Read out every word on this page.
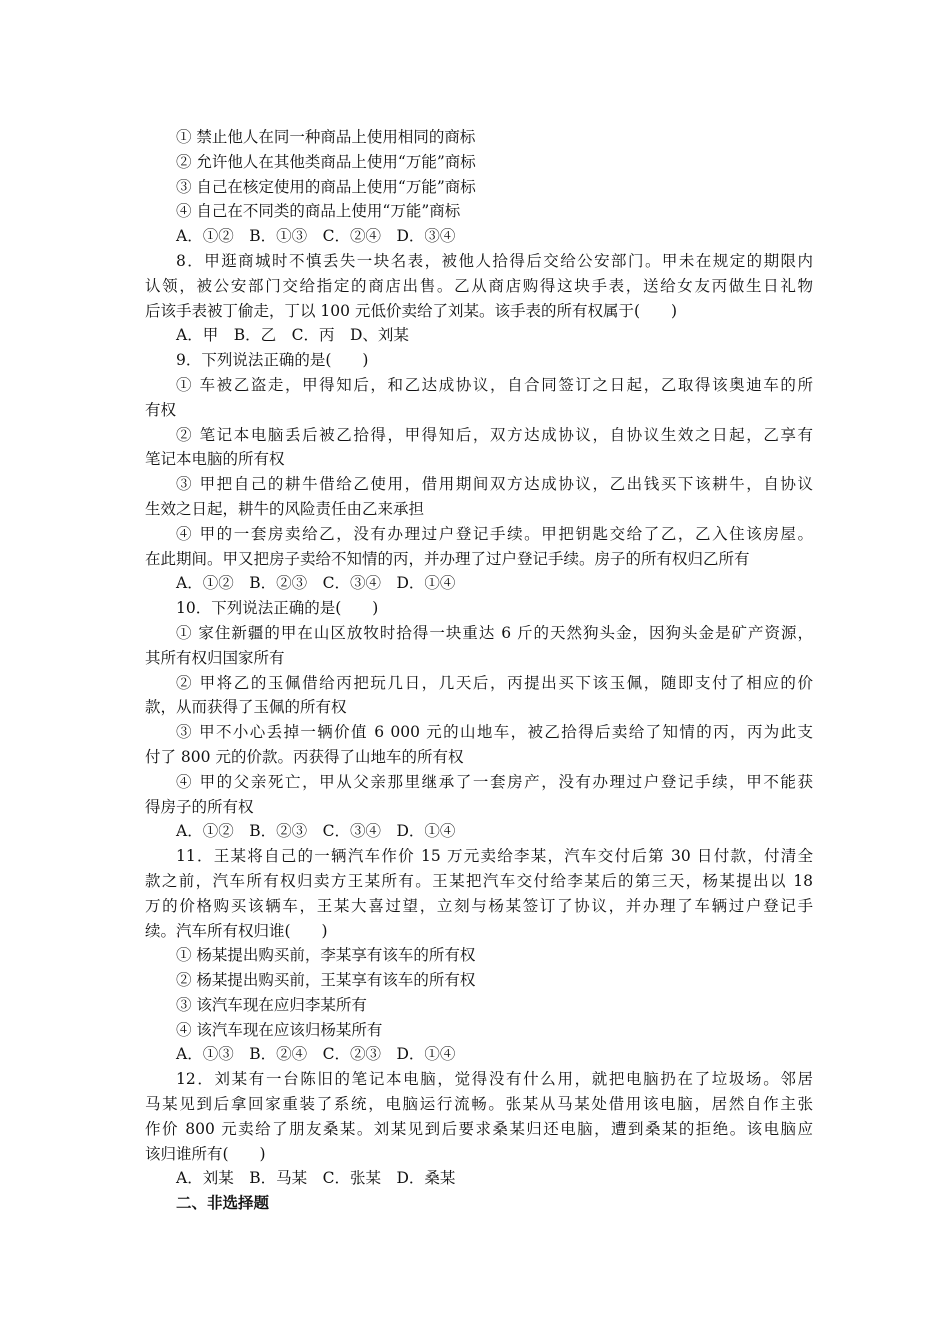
① 禁止他人在同一种商品上使用相同的商标
② 允许他人在其他类商品上使用“万能”商标
③ 自己在核定使用的商品上使用“万能”商标
④ 自己在不同类的商品上使用“万能”商标
A．①②　B．①③　C．②④　D．③④
8．甲逛商城时不慎丢失一块名表，被他人拾得后交给公安部门。甲未在规定的期限内
认领，被公安部门交给指定的商店出售。乙从商店购得这块手表，送给女友丙做生日礼物
后该手表被丁偷走，丁以 100 元低价卖给了刘某。该手表的所有权属于(　　)
A．甲　B．乙　C．丙　D、刘某
9．下列说法正确的是(　　)
① 车被乙盗走，甲得知后，和乙达成协议，自合同签订之日起，乙取得该奥迪车的所
有权
② 笔记本电脑丢后被乙拾得，甲得知后，双方达成协议，自协议生效之日起，乙享有
笔记本电脑的所有权
③ 甲把自己的耕牛借给乙使用，借用期间双方达成协议，乙出钱买下该耕牛，自协议
生效之日起，耕牛的风险责任由乙来承担
④ 甲的一套房卖给乙，没有办理过户登记手续。甲把钥匙交给了乙，乙入住该房屋。
在此期间。甲又把房子卖给不知情的丙，并办理了过户登记手续。房子的所有权归乙所有
A．①②　B．②③　C．③④　D．①④
10．下列说法正确的是(　　)
① 家住新疆的甲在山区放牧时拾得一块重达 6 斤的天然狗头金，因狗头金是矿产资源，
其所有权归国家所有
② 甲将乙的玉佩借给丙把玩几日，几天后，丙提出买下该玉佩，随即支付了相应的价
款，从而获得了玉佩的所有权
③ 甲不小心丢掉一辆价值 6 000 元的山地车，被乙拾得后卖给了知情的丙，丙为此支
付了 800 元的价款。丙获得了山地车的所有权
④ 甲的父亲死亡，甲从父亲那里继承了一套房产，没有办理过户登记手续，甲不能获
得房子的所有权
A．①②　B．②③　C．③④　D．①④
11．王某将自己的一辆汽车作价 15 万元卖给李某，汽车交付后第 30 日付款，付清全
款之前，汽车所有权归卖方王某所有。王某把汽车交付给李某后的第三天，杨某提出以 18
万的价格购买该辆车，王某大喜过望，立刻与杨某签订了协议，并办理了车辆过户登记手
续。汽车所有权归谁(　　)
① 杨某提出购买前，李某享有该车的所有权
② 杨某提出购买前，王某享有该车的所有权
③ 该汽车现在应归李某所有
④ 该汽车现在应该归杨某所有
A．①③　B．②④　C．②③　D．①④
12．刘某有一台陈旧的笔记本电脑，觉得没有什么用，就把电脑扔在了垃圾场。邻居
马某见到后拿回家重装了系统，电脑运行流畅。张某从马某处借用该电脑，居然自作主张
作价 800 元卖给了朋友桑某。刘某见到后要求桑某归还电脑，遭到桑某的拒绝。该电脑应
该归谁所有(　　)
A．刘某　B．马某　C．张某　D．桑某
二、非选择题
